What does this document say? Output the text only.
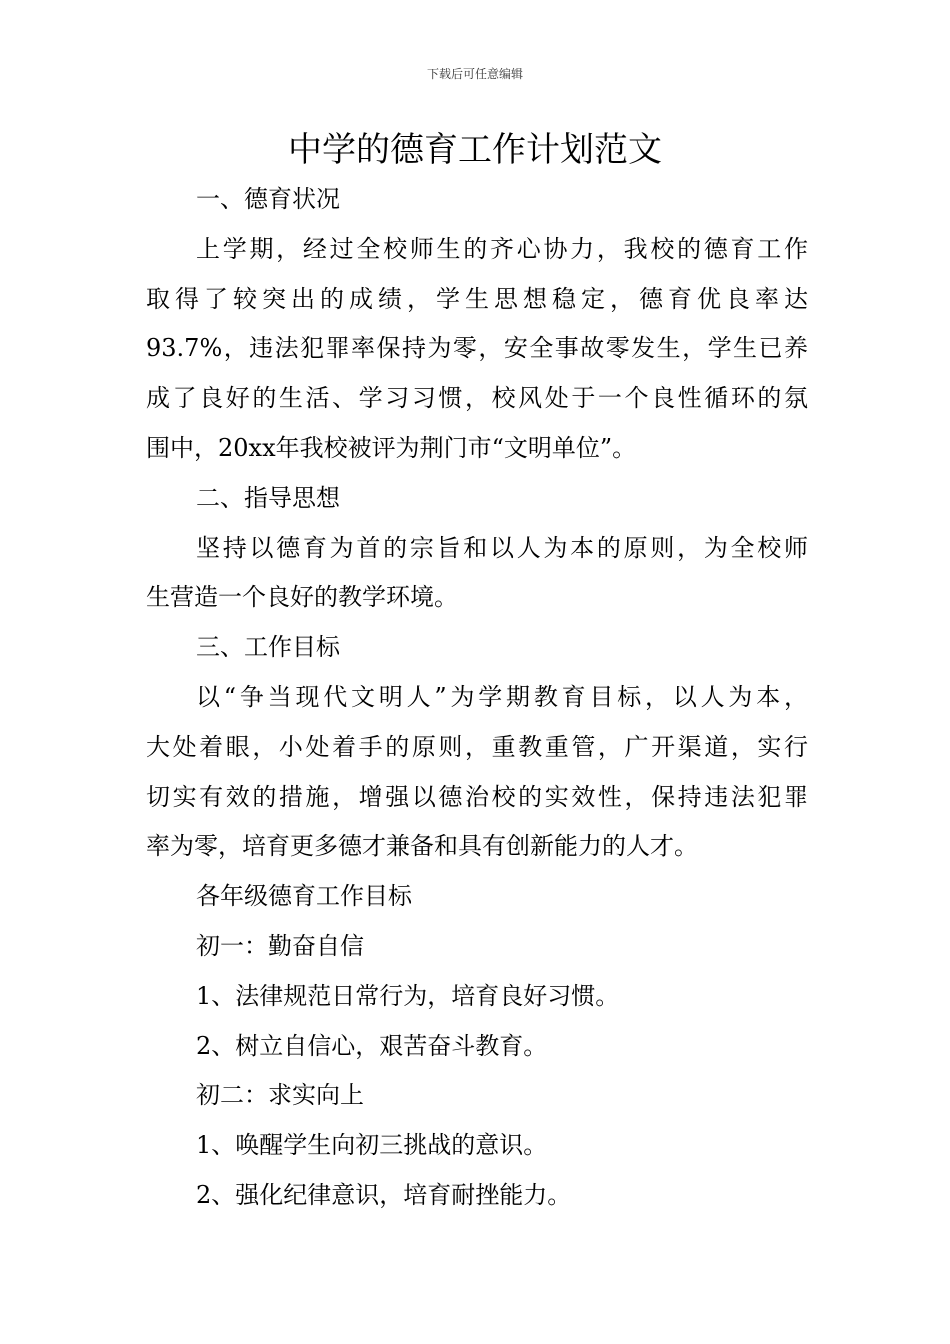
下载后可任意编辑
中学的德育工作计划范文
一、德育状况
上学期，经过全校师生的齐心协力，我校的德育工作
取得了较突出的成绩，学生思想稳定，德育优良率达
93.7%，违法犯罪率保持为零，安全事故零发生，学生已养
成了良好的生活、学习习惯，校风处于一个良性循环的氛
围中，20xx年我校被评为荆门市“文明单位”。
二、指导思想
坚持以德育为首的宗旨和以人为本的原则，为全校师
生营造一个良好的教学环境。
三、工作目标
以“争当现代文明人”为学期教育目标，以人为本，
大处着眼，小处着手的原则，重教重管，广开渠道，实行
切实有效的措施，增强以德治校的实效性，保持违法犯罪
率为零，培育更多德才兼备和具有创新能力的人才。
各年级德育工作目标
初一：勤奋自信
1、法律规范日常行为，培育良好习惯。
2、树立自信心，艰苦奋斗教育。
初二：求实向上
1、唤醒学生向初三挑战的意识。
2、强化纪律意识，培育耐挫能力。
